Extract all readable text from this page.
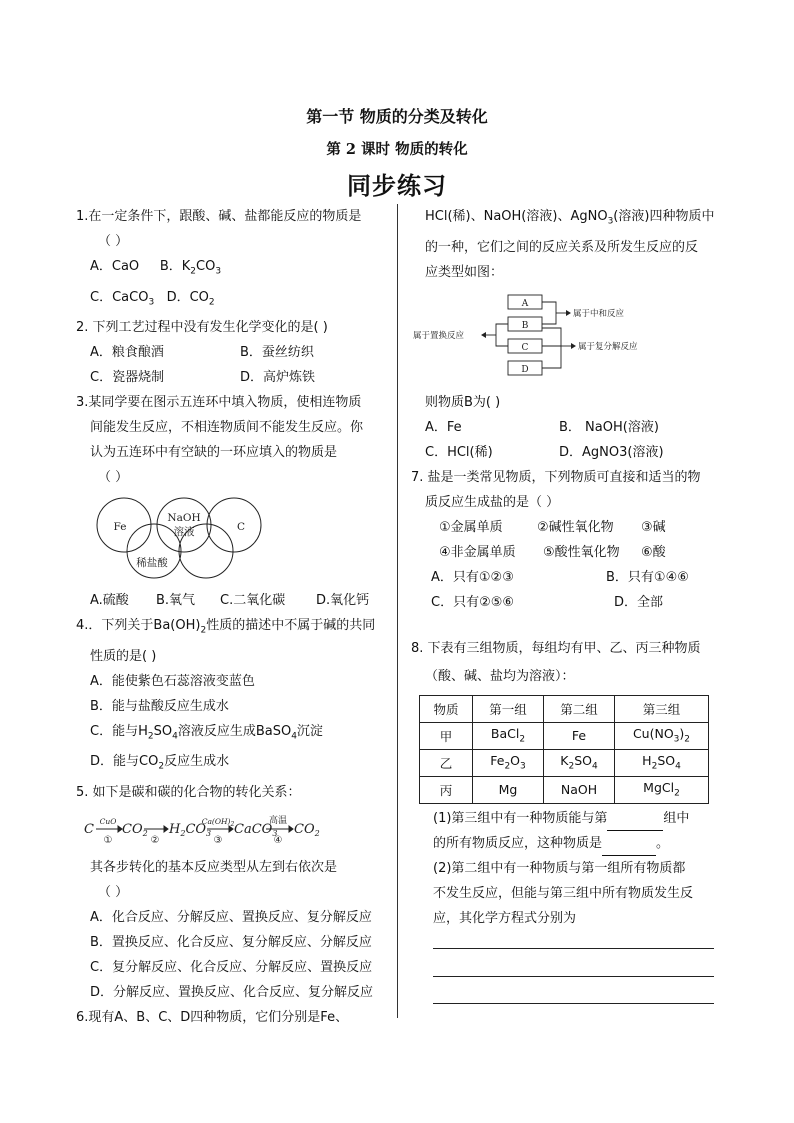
第一节 物质的分类及转化
第 2 课时 物质的转化
同步练习

1.在一定条件下，跟酸、碱、盐都能反应的物质是

（ ）

A．CaO B．$K_2CO_3$

C．CaCO$_3$ D．$CO_2$

2. 下列工艺过程中没有发生化学变化的是( )

A．粮食酿酒	B．蚕丝纺织

C．瓷器烧制	D．高炉炼铁

3.某同学要在图示五连环中填入物质，使相连物质

间能发生反应，不相连物质间不能发生反应。你

认为五连环中有空缺的一环应填入的物质是

（ ）

Fe
NaOH
溶液	C
稀盐酸

A.硫酸 B.氧气 C.二氧化碳 D.氧化钙

4.．下列关于$Ba(OH)_2$性质的描述中不属于碱的共同

性质的是( )

A．能使紫色石蕊溶液变蓝色

B．能与盐酸反应生成水

C．能与$H_2SO_4$溶液反应生成BaSO$_4$沉淀

D．能与$CO_2$反应生成水

5. 如下是碳和碳的化合物的转化关系：

C $CO_2$ $H_2CO_3$ CaCO$_3$ $CO_2$
CuO	$Ca(OH)_2$	高温
①	②	③	④

其各步转化的基本反应类型从左到右依次是

（ ）

A．化合反应、分解反应、置换反应、复分解反应

B．置换反应、化合反应、复分解反应、分解反应

C．复分解反应、化合反应、分解反应、置换反应

D．分解反应、置换反应、化合反应、复分解反应

6.现有A、B、C、D四种物质，它们分别是Fe、

HCl(稀)、NaOH(溶液)、AgNO$_3$(溶液)四种物质中

的一种，它们之间的反应关系及所发生反应的反

应类型如图：

A
B
C
D
属于中和反应
属于置换反应
属于复分解反应

则物质B为( )

A．Fe	B． NaOH(溶液)

C．HCl(稀)	D．AgNO3(溶液)

7. 盐是一类常见物质，下列物质可直接和适当的物

质反应生成盐的是（ ）

①金属单质	②碱性氧化物 ③碱

④非金属单质 ⑤酸性氧化物 ⑥酸

A．只有①②③	B．只有①④⑥

C．只有②⑤⑥	D．全部

8. 下表有三组物质，每组均有甲、乙、丙三种物质

（酸、碱、盐均为溶液）：

物质	第一组	第二组	第三组
甲	BaCl$_2$	Fe	$Cu(NO_3)_2$
乙	$Fe_2O_3$	$K_2SO_4$	$H_2SO_4$
丙	Mg	NaOH	MgCl$_2$

(1)第三组中有一种物质能与第	组中

的所有物质反应，这种物质是	。

(2)第二组中有一种物质与第一组所有物质都

不发生反应，但能与第三组中所有物质发生反

应，其化学方程式分别为
